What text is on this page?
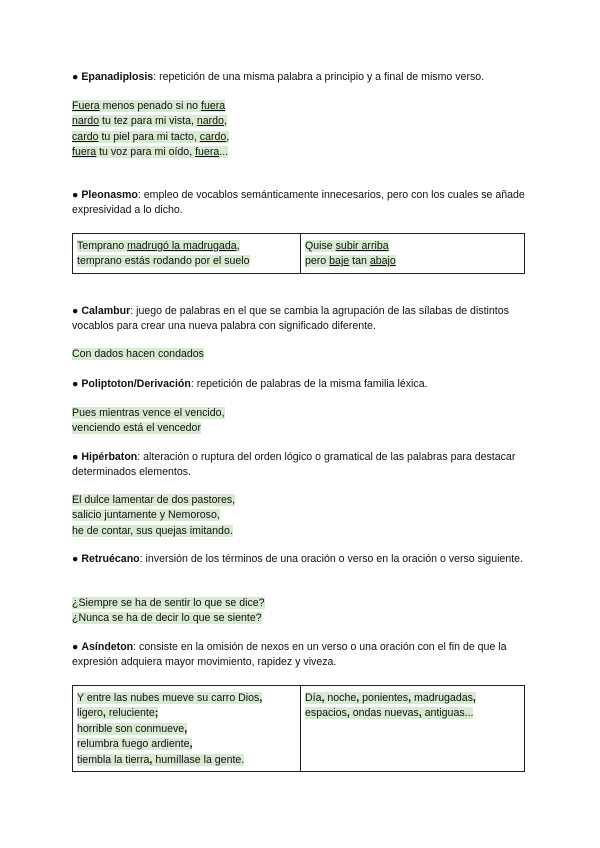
● Epanadiplosis: repetición de una misma palabra a principio y a final de mismo verso.
Fuera menos penado si no fuera
nardo tu tez para mi vista, nardo,
cardo tu piel para mi tacto, cardo,
fuera tu voz para mi oído, fuera...
● Pleonasmo: empleo de vocablos semánticamente innecesarios, pero con los cuales se añade expresividad a lo dicho.
Temprano madrugó la madrugada,
temprano estás rodando por el suelo

Quise subir arriba
pero baje tan abajo
● Calambur: juego de palabras en el que se cambia la agrupación de las sílabas de distintos vocablos para crear una nueva palabra con significado diferente.
Con dados hacen condados
● Poliptoton/Derivación: repetición de palabras de la misma familia léxica.
Pues mientras vence el vencido,
venciendo está el vencedor
● Hipérbaton: alteración o ruptura del orden lógico o gramatical de las palabras para destacar determinados elementos.
El dulce lamentar de dos pastores,
salicio juntamente y Nemoroso,
he de contar, sus quejas imitando.
● Retruécano: inversión de los términos de una oración o verso en la oración o verso siguiente.
¿Siempre se ha de sentir lo que se dice?
¿Nunca se ha de decir lo que se siente?
● Asíndeton: consiste en la omisión de nexos en un verso o una oración con el fin de que la expresión adquiera mayor movimiento, rapidez y viveza.
Y entre las nubes mueve su carro Dios,
ligero, reluciente;
horrible son conmueve,
relumbra fuego ardiente,
tiembla la tierra, humíllase la gente.

Día, noche, ponientes, madrugadas,
espacios, ondas nuevas, antiguas...
